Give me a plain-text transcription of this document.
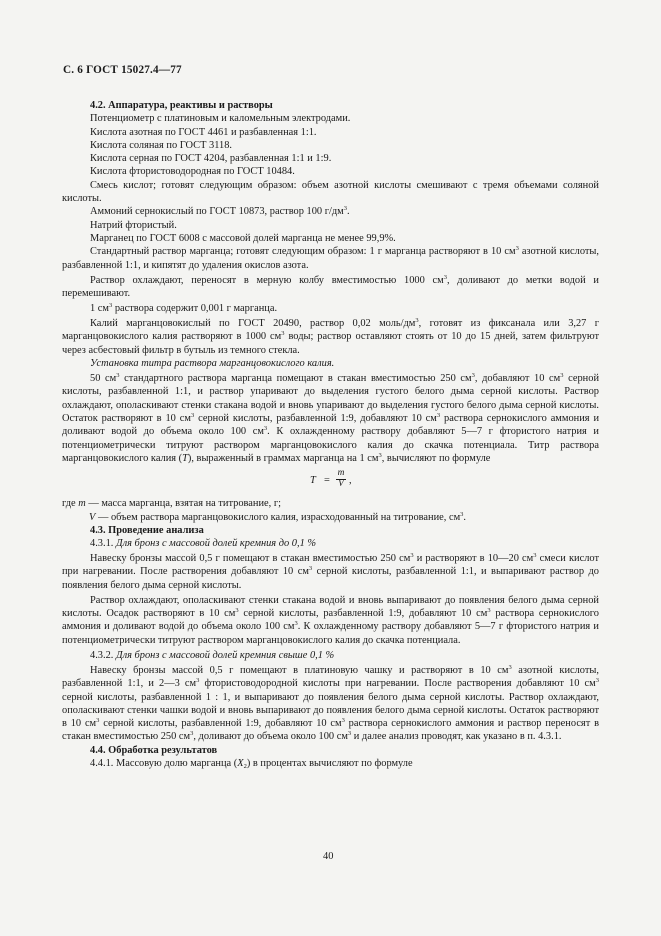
С. 6 ГОСТ 15027.4—77

4.2. Аппаратура, реактивы и растворы

Потенциометр с платиновым и каломельным электродами.

Кислота азотная по ГОСТ 4461 и разбавленная 1:1.

Кислота соляная по ГОСТ 3118.

Кислота серная по ГОСТ 4204, разбавленная 1:1 и 1:9.

Кислота фтористоводородная по ГОСТ 10484.

Смесь кислот; готовят следующим образом: объем азотной кислоты смешивают с тремя объемами соляной кислоты.

Аммоний сернокислый по ГОСТ 10873, раствор 100 $г/дм^3$.

Натрий фтористый.

Марганец по ГОСТ 6008 с массовой долей марганца не менее 99,9%.

Стандартный раствор марганца; готовят следующим образом: 1 г марганца растворяют в 10 $см^3$ азотной кислоты, разбавленной 1:1, и кипятят до удаления окислов азота.

Раствор охлаждают, переносят в мерную колбу вместимостью 1000 $см^3$, доливают до метки водой и перемешивают.

1 $см^3$ раствора содержит 0,001 г марганца.

Калий марганцовокислый по ГОСТ 20490, раствор 0,02 моль/$дм^3$, готовят из фиксанала или 3,27 г марганцовокислого калия растворяют в 1000 $см^3$ воды; раствор оставляют стоять от 10 до 15 дней, затем фильтруют через асбестовый фильтр в бутыль из темного стекла.

Установка титра раствора марганцовокислого калия.

50 $см^3$ стандартного раствора марганца помещают в стакан вместимостью 250 $см^3$, добавляют 10 $см^3$ серной кислоты, разбавленной 1:1, и раствор упаривают до выделения густого белого дыма серной кислоты. Раствор охлаждают, ополаскивают стенки стакана водой и вновь упаривают до выделения густого белого дыма серной кислоты. Остаток растворяют в 10 $см^3$ серной кислоты, разбавленной 1:9, добавляют 10 $см^3$ раствора сернокислого аммония и доливают водой до объема около 100 $см^3$. К охлажденному раствору добавляют 5—7 г фтористого натрия и потенциометрически титруют раствором марганцовокислого калия до скачка потенциала. Титр раствора марганцовокислого калия (T), выраженный в граммах марганца на 1 $см^3$, вычисляют по формуле

$T = \frac{m}{V}$ ,

где m — масса марганца, взятая на титрование, г;

V — объем раствора марганцовокислого калия, израсходованный на титрование, $см^3$.

4.3. Проведение анализа

4.3.1. Для бронз с массовой долей кремния до 0,1 %

Навеску бронзы массой 0,5 г помещают в стакан вместимостью 250 $см^3$ и растворяют в 10—20 $см^3$ смеси кислот при нагревании. После растворения добавляют 10 $см^3$ серной кислоты, разбавленной 1:1, и выпаривают раствор до появления белого дыма серной кислоты.

Раствор охлаждают, ополаскивают стенки стакана водой и вновь выпаривают до появления белого дыма серной кислоты. Осадок растворяют в 10 $см^3$ серной кислоты, разбавленной 1:9, добавляют 10 $см^3$ раствора сернокислого аммония и доливают водой до объема около 100 $см^3$. К охлажденному раствору добавляют 5—7 г фтористого натрия и потенциометрически титруют раствором марганцовокислого калия до скачка потенциала.

4.3.2. Для бронз с массовой долей кремния свыше 0,1 %

Навеску бронзы массой 0,5 г помещают в платиновую чашку и растворяют в 10 $см^3$ азотной кислоты, разбавленной 1:1, и 2—3 $см^3$ фтористоводородной кислоты при нагревании. После растворения добавляют 10 $см^3$ серной кислоты, разбавленной 1 : 1, и выпаривают до появления белого дыма серной кислоты. Раствор охлаждают, ополаскивают стенки чашки водой и вновь выпаривают до появления белого дыма серной кислоты. Остаток растворяют в 10 $см^3$ серной кислоты, разбавленной 1:9, добавляют 10 $см^3$ раствора сернокислого аммония и раствор переносят в стакан вместимостью 250 $см^3$, доливают до объема около 100 $см^3$ и далее анализ проводят, как указано в п. 4.3.1.

4.4. Обработка результатов

4.4.1. Массовую долю марганца $(X_2)$ в процентах вычисляют по формуле

40
